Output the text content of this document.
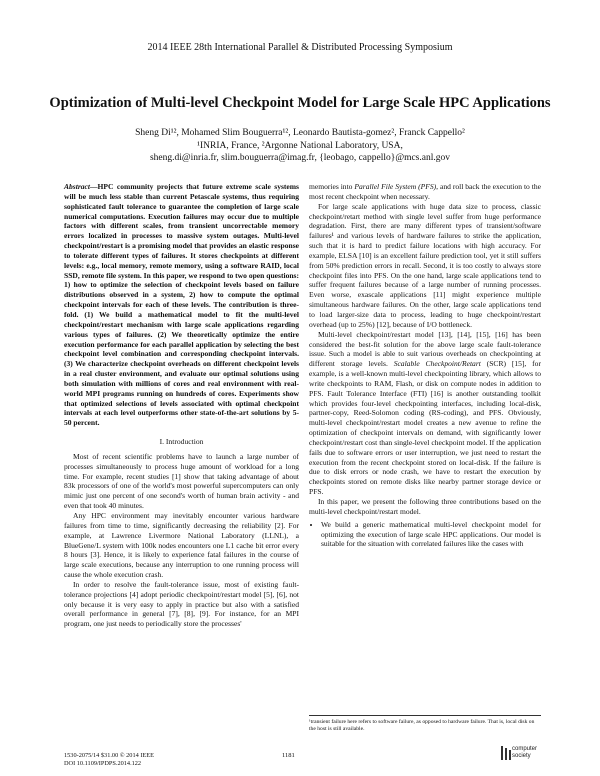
2014 IEEE 28th International Parallel & Distributed Processing Symposium
Optimization of Multi-level Checkpoint Model for Large Scale HPC Applications
Sheng Di¹², Mohamed Slim Bouguerra¹², Leonardo Bautista-gomez², Franck Cappello²
¹INRIA, France, ²Argonne National Laboratory, USA,
sheng.di@inria.fr, slim.bouguerra@imag.fr, {leobago, cappello}@mcs.anl.gov

Abstract—HPC community projects that future extreme scale systems will be much less stable than current Petascale systems, thus requiring sophisticated fault tolerance to guarantee the completion of large scale numerical computations. Execution failures may occur due to multiple factors with different scales, from transient uncorrectable memory errors localized in processes to massive system outages. Multi-level checkpoint/restart is a promising model that provides an elastic response to tolerate different types of failures. It stores checkpoints at different levels: e.g., local memory, remote memory, using a software RAID, local SSD, remote file system. In this paper, we respond to two open questions: 1) how to optimize the selection of checkpoint levels based on failure distributions observed in a system, 2) how to compute the optimal checkpoint intervals for each of these levels. The contribution is three-fold. (1) We build a mathematical model to fit the multi-level checkpoint/restart mechanism with large scale applications regarding various types of failures. (2) We theoretically optimize the entire execution performance for each parallel application by selecting the best checkpoint level combination and corresponding checkpoint intervals. (3) We characterize checkpoint overheads on different checkpoint levels in a real cluster environment, and evaluate our optimal solutions using both simulation with millions of cores and real environment with real-world MPI programs running on hundreds of cores. Experiments show that optimized selections of levels associated with optimal checkpoint intervals at each level outperforms other state-of-the-art solutions by 5-50 percent.

I. Introduction

Most of recent scientific problems have to launch a large number of processes simultaneously to process huge amount of workload for a long time. For example, recent studies [1] show that taking advantage of about 83k processors of one of the world's most powerful supercomputers can only mimic just one percent of one second's worth of human brain activity - and even that took 40 minutes.

Any HPC environment may inevitably encounter various hardware failures from time to time, significantly decreasing the reliability [2]. For example, at Lawrence Livermore National Laboratory (LLNL), a BlueGene/L system with 100k nodes encounters one L1 cache bit error every 8 hours [3]. Hence, it is likely to experience fatal failures in the course of large scale executions, because any interruption to one running process will cause the whole execution crash.

In order to resolve the fault-tolerance issue, most of existing fault-tolerance projections [4] adopt periodic checkpoint/restart model [5], [6], not only because it is very easy to apply in practice but also with a satisfied overall performance in general [7], [8], [9]. For instance, for an MPI program, one just needs to periodically store the processes'

memories into Parallel File System (PFS), and roll back the execution to the most recent checkpoint when necessary.

For large scale applications with huge data size to process, classic checkpoint/retart method with single level suffer from huge performance degradation. First, there are many different types of transient/software failures¹ and various levels of hardware failures to strike the application, such that it is hard to predict failure locations with high accuracy. For example, ELSA [10] is an excellent failure prediction tool, yet it still suffers from 50% prediction errors in recall. Second, it is too costly to always store checkpoint files into PFS. On the one hand, large scale applications tend to suffer frequent failures because of a large number of running processes. Even worse, exascale applications [11] might experience multiple simultaneous hardware failures. On the other, large scale applications tend to load larger-size data to process, leading to huge checkpoint/restart overhead (up to 25%) [12], because of I/O bottleneck.

Multi-level checkpoint/restart model [13], [14], [15], [16] has been considered the best-fit solution for the above large scale fault-tolerance issue. Such a model is able to suit various overheads on checkpointing at different storage levels. Scalable Checkpoint/Retart (SCR) [15], for example, is a well-known multi-level checkpointing library, which allows to write checkpoints to RAM, Flash, or disk on compute nodes in addition to PFS. Fault Tolerance Interface (FTI) [16] is another outstanding toolkit which provides four-level checkpointing interfaces, including local-disk, partner-copy, Reed-Solomon coding (RS-coding), and PFS. Obviously, multi-level checkpoint/restart model creates a new avenue to refine the optimization of checkpoint intervals on demand, with significantly lower checkpoint/restart cost than single-level checkpoint model. If the application fails due to software errors or user interruption, we just need to restart the execution from the recent checkpoint stored on local-disk. If the failure is due to disk errors or node crash, we have to restart the execution by checkpoints stored on remote disks like nearby partner storage device or PFS.

In this paper, we present the following three contributions based on the multi-level checkpoint/restart model.

• We build a generic mathematical multi-level checkpoint model for optimizing the execution of large scale HPC applications. Our model is suitable for the situation with correlated failures like the cases with
¹transient failure here refers to software failure, as opposed to hardware failure. That is, local disk on the host is still available.
1530-2075/14 $31.00 © 2014 IEEE
DOI 10.1109/IPDPS.2014.122
1181
computer
society
